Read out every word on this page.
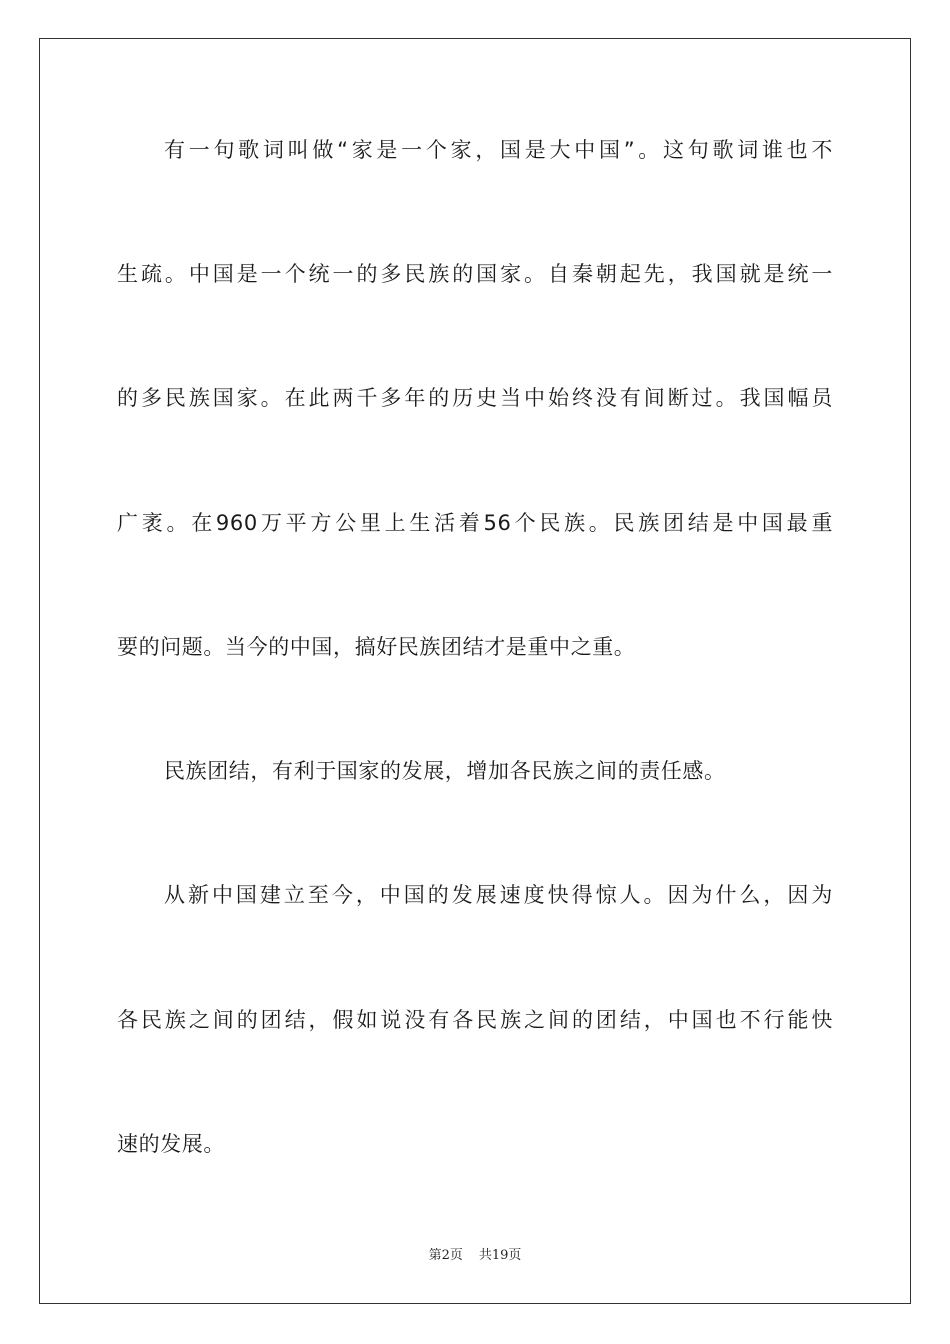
有一句歌词叫做“家是一个家，国是大中国”。这句歌词谁也不
生疏。中国是一个统一的多民族的国家。自秦朝起先，我国就是统一
的多民族国家。在此两千多年的历史当中始终没有间断过。我国幅员
广袤。在960万平方公里上生活着56个民族。民族团结是中国最重
要的问题。当今的中国，搞好民族团结才是重中之重。
民族团结，有利于国家的发展，增加各民族之间的责任感。
从新中国建立至今，中国的发展速度快得惊人。因为什么，因为
各民族之间的团结，假如说没有各民族之间的团结，中国也不行能快
速的发展。
第2页 共19页
